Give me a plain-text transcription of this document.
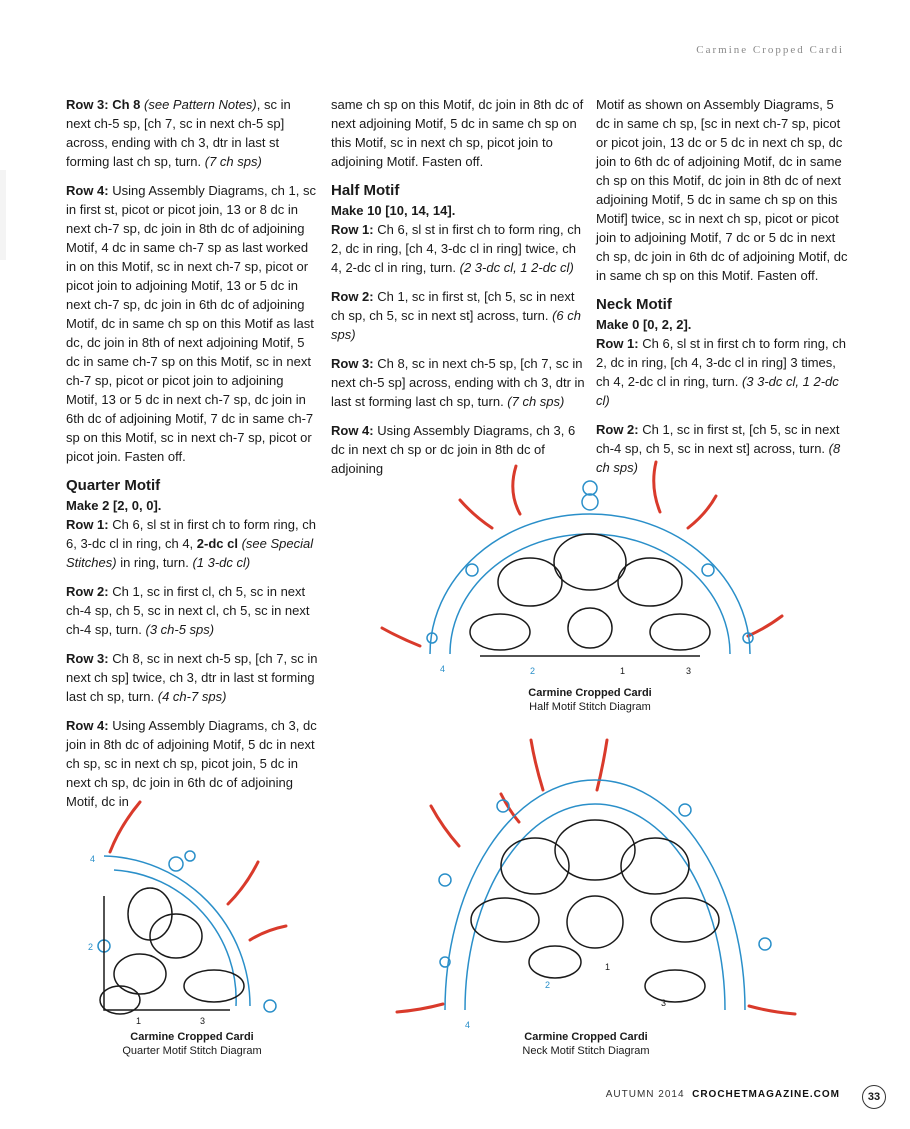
Carmine Cropped Cardi

Row 3: Ch 8 (see Pattern Notes), sc in next ch-5 sp, [ch 7, sc in next ch-5 sp] across, ending with ch 3, dtr in last st forming last ch sp, turn. (7 ch sps)

Row 4: Using Assembly Diagrams, ch 1, sc in first st, picot or picot join, 13 or 8 dc in next ch-7 sp, dc join in 8th dc of adjoining Motif, 4 dc in same ch-7 sp as last worked in on this Motif, sc in next ch-7 sp, picot or picot join to adjoining Motif, 13 or 5 dc in next ch-7 sp, dc join in 6th dc of adjoining Motif, dc in same ch sp on this Motif as last dc, dc join in 8th of next adjoining Motif, 5 dc in same ch-7 sp on this Motif, sc in next ch-7 sp, picot or picot join to adjoining Motif, 13 or 5 dc in next ch-7 sp, dc join in 6th dc of adjoining Motif, 7 dc in same ch-7 sp on this Motif, sc in next ch-7 sp, picot or picot join. Fasten off.

Quarter Motif
Make 2 [2, 0, 0].

Row 1: Ch 6, sl st in first ch to form ring, ch 6, 3-dc cl in ring, ch 4, 2-dc cl (see Special Stitches) in ring, turn. (1 3-dc cl)

Row 2: Ch 1, sc in first cl, ch 5, sc in next ch-4 sp, ch 5, sc in next cl, ch 5, sc in next ch-4 sp, turn. (3 ch-5 sps)

Row 3: Ch 8, sc in next ch-5 sp, [ch 7, sc in next ch sp] twice, ch 3, dtr in last st forming last ch sp, turn. (4 ch-7 sps)

Row 4: Using Assembly Diagrams, ch 3, dc join in 8th dc of adjoining Motif, 5 dc in next ch sp, sc in next ch sp, picot join, 5 dc in next ch sp, dc join in 6th dc of adjoining Motif, dc in

same ch sp on this Motif, dc join in 8th dc of next adjoining Motif, 5 dc in same ch sp on this Motif, sc in next ch sp, picot join to adjoining Motif. Fasten off.

Half Motif
Make 10 [10, 14, 14].

Row 1: Ch 6, sl st in first ch to form ring, ch 2, dc in ring, [ch 4, 3-dc cl in ring] twice, ch 4, 2-dc cl in ring, turn. (2 3-dc cl, 1 2-dc cl)

Row 2: Ch 1, sc in first st, [ch 5, sc in next ch sp, ch 5, sc in next st] across, turn. (6 ch sps)

Row 3: Ch 8, sc in next ch-5 sp, [ch 7, sc in next ch-5 sp] across, ending with ch 3, dtr in last st forming last ch sp, turn. (7 ch sps)

Row 4: Using Assembly Diagrams, ch 3, 6 dc in next ch sp or dc join in 8th dc of adjoining

Motif as shown on Assembly Diagrams, 5 dc in same ch sp, [sc in next ch-7 sp, picot or picot join, 13 dc or 5 dc in next ch sp, dc join to 6th dc of adjoining Motif, dc in same ch sp on this Motif, dc join in 8th dc of next adjoining Motif, 5 dc in same ch sp on this Motif] twice, sc in next ch sp, picot or picot join to adjoining Motif, 7 dc or 5 dc in next ch sp, dc join in 6th dc of adjoining Motif, dc in same ch sp on this Motif. Fasten off.

Neck Motif
Make 0 [0, 2, 2].

Row 1: Ch 6, sl st in first ch to form ring, ch 2, dc in ring, [ch 4, 3-dc cl in ring] 3 times, ch 4, 2-dc cl in ring, turn. (3 3-dc cl, 1 2-dc cl)

Row 2: Ch 1, sc in first st, [ch 5, sc in next ch-4 sp, ch 5, sc in next st] across, turn. (8 ch sps)

4	2	1	3
Carmine Cropped Cardi
Half Motif Stitch Diagram
4
2
1	3
Carmine Cropped Cardi
Quarter Motif Stitch Diagram
1
2
3
4
Carmine Cropped Cardi
Neck Motif Stitch Diagram
AUTUMN 2014 CROCHETMAGAZINE.COM	33
